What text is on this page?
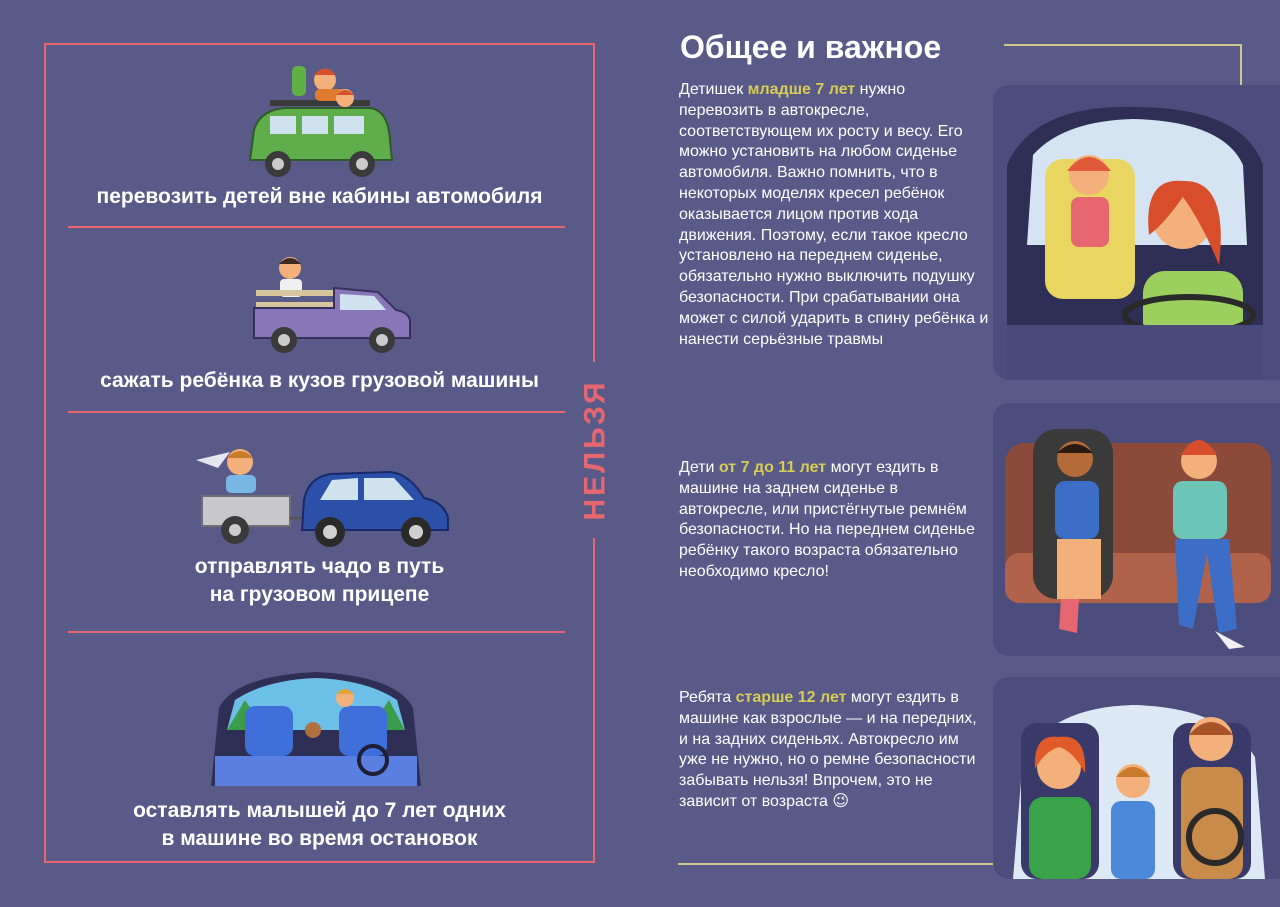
НЕЛЬЗЯ
перевозить детей вне кабины автомобиля
сажать ребёнка в кузов грузовой машины
отправлять чадо в путь
на грузовом прицепе
оставлять малышей до 7 лет одних
в машине во время остановок
Общее и важное
Детишек младше 7 лет нужно перевозить в автокресле, соответствующем их росту и весу. Его можно установить на любом сиденье автомобиля. Важно помнить, что в некоторых моделях кресел ребёнок оказывается лицом против хода движения. Поэтому, если такое кресло установлено на переднем сиденье, обязательно нужно выключить подушку безопасности. При срабатывании она может с силой ударить в спину ребёнка и нанести серьёзные травмы
Дети от 7 до 11 лет могут ездить в машине на заднем сиденье в автокресле, или пристёгнутые ремнём безопасности. Но на переднем сиденье ребёнку такого возраста обязательно необходимо кресло!
Ребята старше 12 лет могут ездить в машине как взрослые — и на передних, и на задних сиденьях. Автокресло им уже не нужно, но о ремне безопасности забывать нельзя! Впрочем, это не зависит от возраста 😉
